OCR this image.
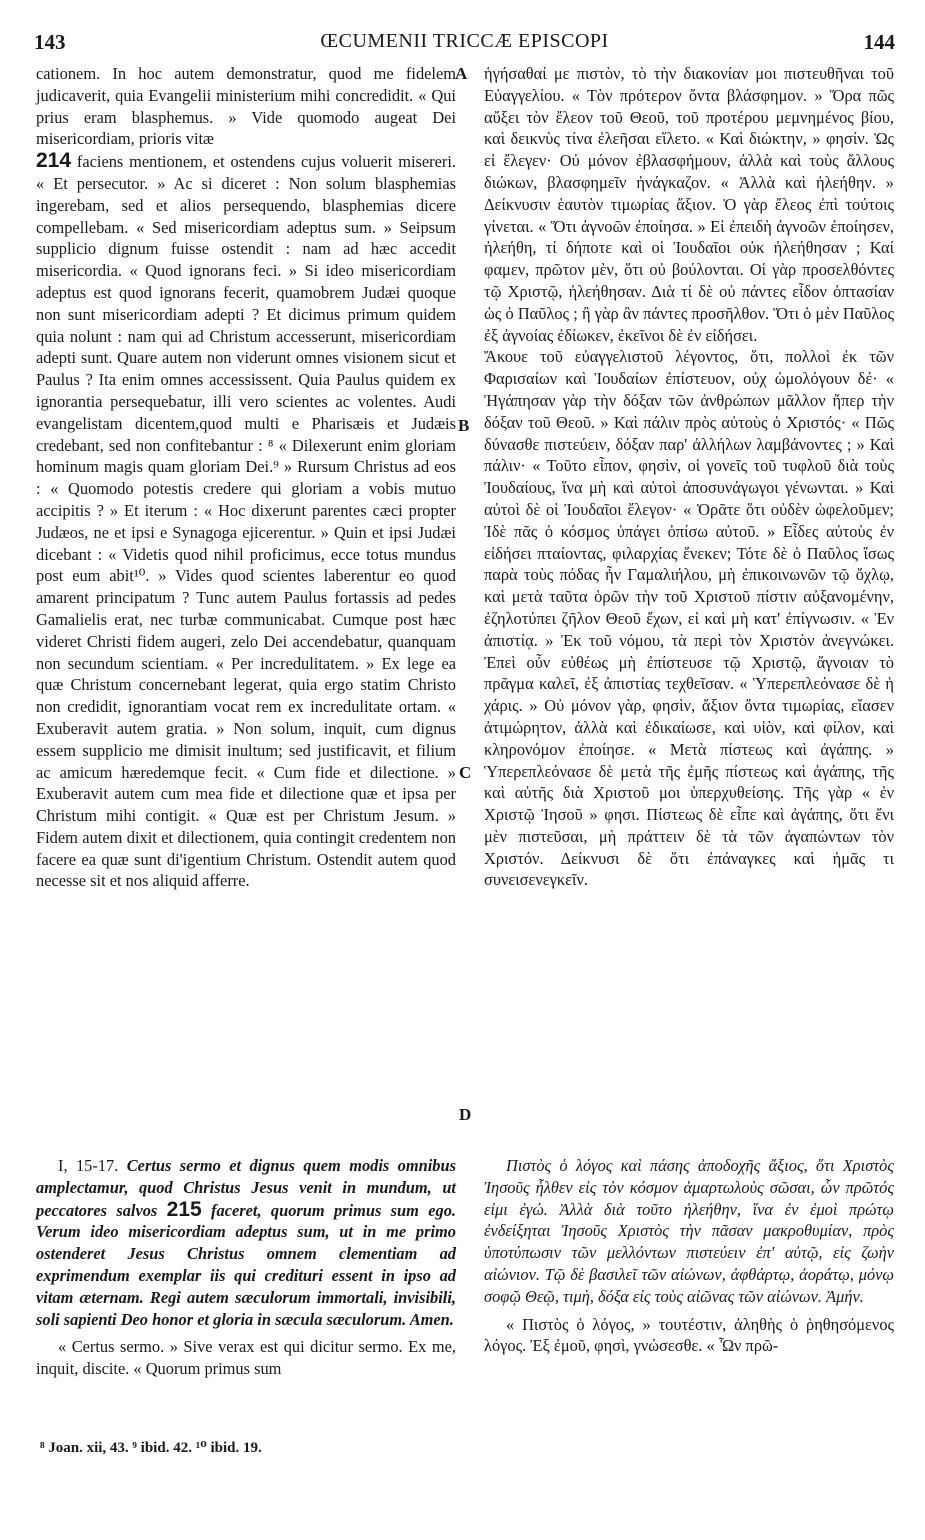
143	ŒCUMENII TRICCÆ EPISCOPI	144
A
B
C
D

cationem. In hoc autem demonstratur, quod me fidelem judicaverit, quia Evangelii ministerium mihi concredidit. « Qui prius eram blasphemus. » Vide quomodo augeat Dei misericordiam, prioris vitæ

214 faciens mentionem, et ostendens cujus voluerit misereri. « Et persecutor. » Ac si diceret : Non solum blasphemias ingerebam, sed et alios persequendo, blasphemias dicere compellebam. « Sed misericordiam adeptus sum. » Seipsum supplicio dignum fuisse ostendit : nam ad hæc accedit misericordia. « Quod ignorans feci. » Si ideo misericordiam adeptus est quod ignorans fecerit, quamobrem Judæi quoque non sunt misericordiam adepti ? Et dicimus primum quidem quia nolunt : nam qui ad Christum accesserunt, misericordiam adepti sunt. Quare autem non viderunt omnes visionem sicut et Paulus ? Ita enim omnes accessissent. Quia Paulus quidem ex ignorantia persequebatur, illi vero scientes ac volentes. Audi evangelistam dicentem,quod multi e Pharisæis et Judæis credebant, sed non confitebantur : ⁸ « Dilexerunt enim gloriam hominum magis quam gloriam Dei.⁹ » Rursum Christus ad eos : « Quomodo potestis credere qui gloriam a vobis mutuo accipitis ? » Et iterum : « Hoc dixerunt parentes cæci propter Judæos, ne et ipsi e Synagoga ejicerentur. » Quin et ipsi Judæi dicebant : « Videtis quod nihil proficimus, ecce totus mundus post eum abit¹⁰. » Vides quod scientes laberentur eo quod amarent principatum ? Tunc autem Paulus fortassis ad pedes Gamalielis erat, nec turbæ communicabat. Cumque post hæc videret Christi fidem augeri, zelo Dei accendebatur, quanquam non secundum scientiam. « Per incredulitatem. » Ex lege ea quæ Christum concernebant legerat, quia ergo statim Christo non credidit, ignorantiam vocat rem ex incredulitate ortam. « Exuberavit autem gratia. » Non solum, inquit, cum dignus essem supplicio me dimisit inultum; sed justificavit, et filium ac amicum hæredemque fecit. « Cum fide et dilectione. » Exuberavit autem cum mea fide et dilectione quæ et ipsa per Christum mihi contigit. « Quæ est per Christum Jesum. » Fidem autem dixit et dilectionem, quia contingit credentem non facere ea quæ sunt di'igentium Christum. Ostendit autem quod necesse sit et nos aliquid afferre.

ἡγήσαθαί με πιστὸν, τὸ τὴν διακονίαν μοι πιστευθῆναι τοῦ Εὐαγγελίου. « Τὸν πρότερον ὄντα βλάσφημον. » Ὅρα πῶς αὔξει τὸν ἔλεον τοῦ Θεοῦ, τοῦ προτέρου μεμνημένος βίου, καὶ δεικνὺς τίνα ἐλεῆσαι εἵλετο. « Καὶ διώκτην, » φησίν. Ὡς εἰ ἔλεγεν· Οὐ μόνον ἐβλασφήμουν, ἀλλὰ καὶ τοὺς ἄλλους διώκων, βλασφημεῖν ἠνάγκαζον. « Ἀλλὰ καὶ ἠλεήθην. » Δείκνυσιν ἑαυτὸν τιμωρίας ἄξιον. Ὁ γὰρ ἔλεος ἐπὶ τούτοις γίνεται. « Ὅτι ἀγνοῶν ἐποίησα. » Εἰ ἐπειδὴ ἀγνοῶν ἐποίησεν, ἠλεήθη, τί δήποτε καὶ οἱ Ἰουδαῖοι οὐκ ἠλεήθησαν ; Καί φαμεν, πρῶτον μὲν, ὅτι οὐ βούλονται. Οἱ γὰρ προσελθόντες τῷ Χριστῷ, ἠλεήθησαν. Διὰ τί δὲ οὐ πάντες εἶδον ὀπτασίαν ὡς ὁ Παῦλος ; ἢ γὰρ ἂν πάντες προσῆλθον. Ὅτι ὁ μὲν Παῦλος ἐξ ἀγνοίας ἐδίωκεν, ἐκεῖνοι δὲ ἐν εἰδήσει.

Ἄκουε τοῦ εὐαγγελιστοῦ λέγοντος, ὅτι, πολλοὶ ἐκ τῶν Φαρισαίων καὶ Ἰουδαίων ἐπίστευον, οὐχ ὡμολόγουν δέ· « Ἠγάπησαν γὰρ τὴν δόξαν τῶν ἀνθρώπων μᾶλλον ἤπερ τὴν δόξαν τοῦ Θεοῦ. » Καὶ πάλιν πρὸς αὐτοὺς ὁ Χριστός· « Πῶς δύνασθε πιστεύειν, δόξαν παρ' ἀλλήλων λαμβάνοντες ; » Καὶ πάλιν· « Τοῦτο εἶπον, φησὶν, οἱ γονεῖς τοῦ τυφλοῦ διὰ τοὺς Ἰουδαίους, ἵνα μὴ καὶ αὐτοὶ ἀποσυνάγωγοι γένωνται. » Καὶ αὐτοὶ δὲ οἱ Ἰουδαῖοι ἔλεγον· « Ὁρᾶτε ὅτι οὐδὲν ὠφελοῦμεν; Ἰδὲ πᾶς ὁ κόσμος ὑπάγει ὀπίσω αὐτοῦ. » Εἶδες αὐτοὺς ἐν εἰδήσει πταίοντας, φιλαρχίας ἕνεκεν; Τότε δὲ ὁ Παῦλος ἴσως παρὰ τοὺς πόδας ἦν Γαμαλιήλου, μὴ ἐπικοινωνῶν τῷ ὄχλῳ, καὶ μετὰ ταῦτα ὁρῶν τὴν τοῦ Χριστοῦ πίστιν αὐξανομένην, ἐζηλοτύπει ζῆλον Θεοῦ ἔχων, εἰ καὶ μὴ κατ' ἐπίγνωσιν. « Ἐν ἀπιστίᾳ. » Ἐκ τοῦ νόμου, τὰ περὶ τὸν Χριστὸν ἀνεγνώκει. Ἐπεὶ οὖν εὐθέως μὴ ἐπίστευσε τῷ Χριστῷ, ἄγνοιαν τὸ πρᾶγμα καλεῖ, ἐξ ἀπιστίας τεχθεῖσαν. « Ὑπερεπλεόνασε δὲ ἡ χάρις. » Οὐ μόνον γὰρ, φησὶν, ἄξιον ὄντα τιμωρίας, εἴασεν ἀτιμώρητον, ἀλλὰ καὶ ἐδικαίωσε, καὶ υἱὸν, καὶ φίλον, καὶ κληρονόμον ἐποίησε. « Μετὰ πίστεως καὶ ἀγάπης. » Ὑπερεπλεόνασε δὲ μετὰ τῆς ἐμῆς πίστεως καὶ ἀγάπης, τῆς καὶ αὐτῆς διὰ Χριστοῦ μοι ὑπερχυθείσης. Τῆς γὰρ « ἐν Χριστῷ Ἰησοῦ » φησι. Πίστεως δὲ εἶπε καὶ ἀγάπης, ὅτι ἔνι μὲν πιστεῦσαι, μὴ πράττειν δὲ τὰ τῶν ἀγαπώντων τὸν Χριστόν. Δείκνυσι δὲ ὅτι ἐπάναγκες καὶ ἡμᾶς τι συνεισενεγκεῖν.

I, 15-17. Certus sermo et dignus quem modis omnibus amplectamur, quod Christus Jesus venit in mundum, ut peccatores salvos 215 faceret, quorum primus sum ego. Verum ideo misericordiam adeptus sum, ut in me primo ostenderet Jesus Christus omnem clementiam ad exprimendum exemplar iis qui credituri essent in ipso ad vitam æternam. Regi autem sæculorum immortali, invisibili, soli sapienti Deo honor et gloria in sæcula sæculorum. Amen.

« Certus sermo. » Sive verax est qui dicitur sermo. Ex me, inquit, discite. « Quorum primus sum

Πιστὸς ὁ λόγος καὶ πάσης ἀποδοχῆς ἄξιος, ὅτι Χριστὸς Ἰησοῦς ἦλθεν εἰς τὸν κόσμον ἁμαρτωλοὺς σῶσαι, ὧν πρῶτός εἰμι ἐγώ. Ἀλλὰ διὰ τοῦτο ἠλεήθην, ἵνα ἐν ἐμοὶ πρώτῳ ἐνδείξηται Ἰησοῦς Χριστὸς τὴν πᾶσαν μακροθυμίαν, πρὸς ὑποτύπωσιν τῶν μελλόντων πιστεύειν ἐπ' αὐτῷ, εἰς ζωὴν αἰώνιον. Τῷ δὲ βασιλεῖ τῶν αἰώνων, ἀφθάρτῳ, ἀοράτῳ, μόνῳ σοφῷ Θεῷ, τιμὴ, δόξα εἰς τοὺς αἰῶνας τῶν αἰώνων. Ἀμήν.

« Πιστὸς ὁ λόγος, » τουτέστιν, ἀληθὴς ὁ ῥηθησόμενος λόγος. Ἐξ ἐμοῦ, φησὶ, γνώσεσθε. « Ὧν πρῶ-

⁸ Joan. xii, 43. ⁹ ibid. 42. ¹⁰ ibid. 19.
